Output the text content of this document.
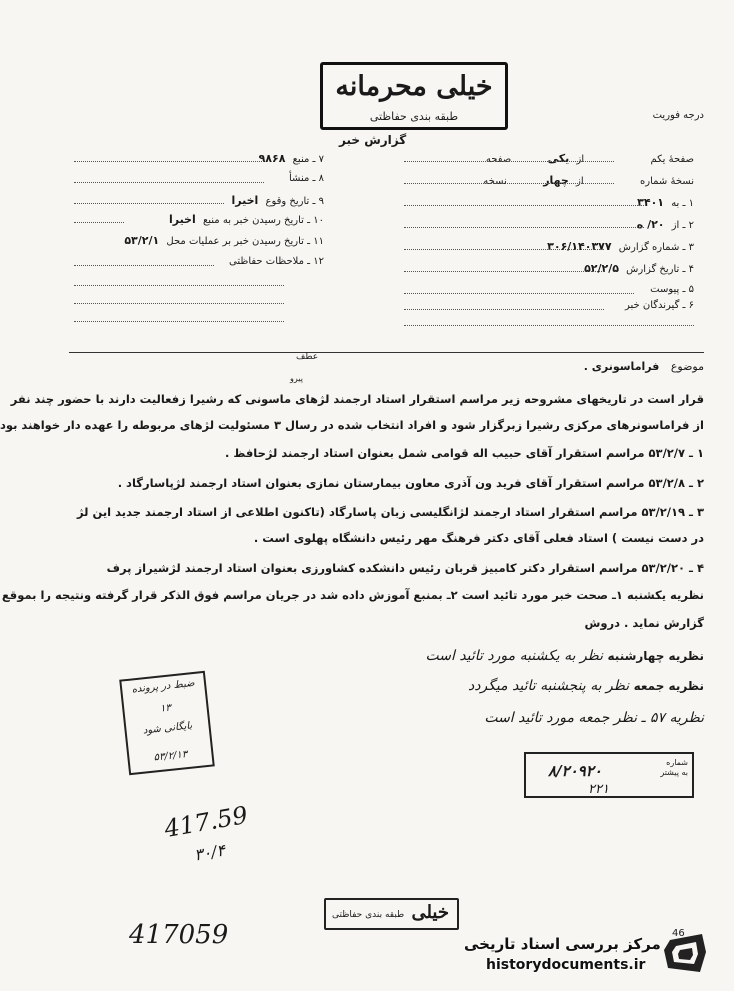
خیلی محرمانه
طبقه بندی حفاظتی	درجه فوریت
گزارش خبر
صفحهٔ یکم  از یکی  صفحه
نسخهٔ شماره  از چهار  نسخه
۱ ـ به ۳۴۰۱
۲ ـ از ۲۰/ ه
۳ ـ شماره گزارش ۳۰۶/۱۴۰۳۷۷
۴ ـ تاریخ گزارش ۵۲/۲/۵
۵ ـ پیوست
۶ ـ گیرندگان خبر
۷ ـ منبع ۹۸۶۸
۸ ـ منشأ
۹ ـ تاریخ وقوع اخیرا
۱۰ ـ تاریخ رسیدن خبر به منبع اخیرا
۱۱ ـ تاریخ رسیدن خبر بر عملیات محل ۵۳/۲/۱
۱۲ ـ ملاحظات حفاظتی
عطف
پیرو
موضوع فراماسونری .
قرار است در تاریخهای مشروحه زیر مراسم استقرار استاد ارجمند لژهای ماسونی که رشیرا زفعالیت دارند با حضور چند نفر
از فراماسونرهای مرکزی رشیرا زبرگزار شود و افراد انتخاب شده در رسال ۳ مسئولیت لژهای مربوطه را عهده دار خواهند بود
۱ ـ ۵۳/۲/۷ مراسم استقرار آقای حبیب اله قوامی شمل بعنوان استاد ارجمند لژحافظ .
۲ ـ ۵۳/۲/۸ مراسم استقرار آقای فرید ون آذری معاون بیمارستان نمازی بعنوان استاد ارجمند لژپاسارگاد .
۳ ـ ۵۳/۲/۱۹ مراسم استقرار استاد ارجمند لژانگلیسی زبان پاسارگاد (تاکنون اطلاعی از استاد ارجمند جدید این لژ
در دست نیست ) استاد فعلی آقای دکتر فرهنگ مهر رئیس دانشگاه پهلوی است .
۴ ـ ۵۳/۲/۲۰ مراسم استقرار دکتر کامبیز قربان رئیس دانشکده کشاورزی بعنوان استاد ارجمند لژشیراز پرف
نظریه یکشنبه ۱ـ صحت خبر مورد تائید است ۲ـ بمنبع آموزش داده شد در جریان مراسم فوق الذکر قرار گرفته ونتیجه را بموقع
گزارش نماید . دروش
نظریه چهارشنبه نظر به یکشنبه مورد تائید است
نظریه جمعه نظر به پنجشنبه تائید میگردد
نظریه ۵۷ ـ نظر جمعه مورد تائید است
ضبط در پرونده
۱۳
بایگانی شود
۵۳/۲/۱۳	شماره
به پیشتر
۸/۲۰۹۲۰
۲۲۱
417.59
۳۰/۴
417059
خیلی
طبقه بندی حفاظتی
46
مرکز بررسی اسناد تاریخی
historydocuments.ir
